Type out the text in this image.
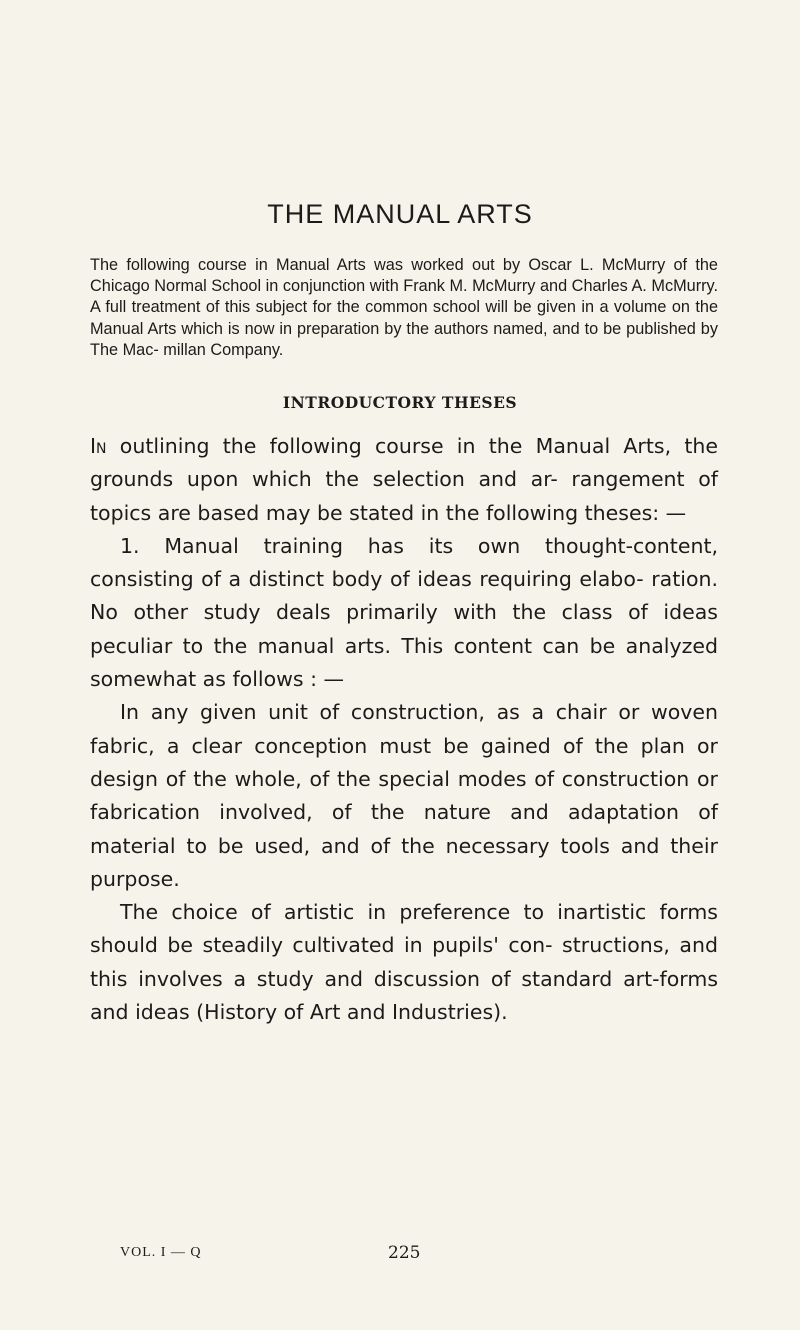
THE MANUAL ARTS

The following course in Manual Arts was worked out by Oscar L. McMurry of the Chicago Normal School in conjunction with Frank M. McMurry and Charles A. McMurry. A full treatment of this subject for the common school will be given in a volume on the Manual Arts which is now in preparation by the authors named, and to be published by The Mac- millan Company.

INTRODUCTORY THESES

In outlining the following course in the Manual Arts, the grounds upon which the selection and ar- rangement of topics are based may be stated in the following theses: —

1. Manual training has its own thought-content, consisting of a distinct body of ideas requiring elabo- ration. No other study deals primarily with the class of ideas peculiar to the manual arts. This content can be analyzed somewhat as follows : —

In any given unit of construction, as a chair or woven fabric, a clear conception must be gained of the plan or design of the whole, of the special modes of construction or fabrication involved, of the nature and adaptation of material to be used, and of the necessary tools and their purpose.

The choice of artistic in preference to inartistic forms should be steadily cultivated in pupils' con- structions, and this involves a study and discussion of standard art-forms and ideas (History of Art and Industries).

VOL. I — Q	225
